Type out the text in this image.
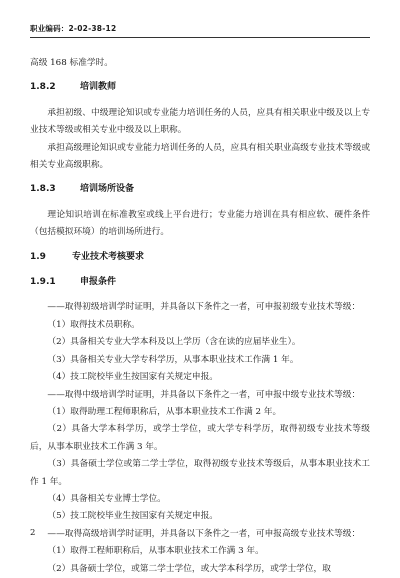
职业编码：2-02-38-12

高级 168 标准学时。

1.8.2	培训教师

承担初级、中级理论知识或专业能力培训任务的人员，应具有相关职业中级及以上专业技术等级或相关专业中级及以上职称。

承担高级理论知识或专业能力培训任务的人员，应具有相关职业高级专业技术等级或相关专业高级职称。

1.8.3	培训场所设备

理论知识培训在标准教室或线上平台进行；专业能力培训在具有相应软、硬件条件（包括模拟环境）的培训场所进行。

1.9	专业技术考核要求
1.9.1	申报条件

——取得初级培训学时证明，并具备以下条件之一者，可申报初级专业技术等级：

（1）取得技术员职称。

（2）具备相关专业大学本科及以上学历（含在读的应届毕业生）。

（3）具备相关专业大学专科学历，从事本职业技术工作满 1 年。

（4）技工院校毕业生按国家有关规定申报。

——取得中级培训学时证明，并具备以下条件之一者，可申报中级专业技术等级：

（1）取得助理工程师职称后，从事本职业技术工作满 2 年。

（2）具备大学本科学历，或学士学位，或大学专科学历，取得初级专业技术等级后，从事本职业技术工作满 3 年。

（3）具备硕士学位或第二学士学位，取得初级专业技术等级后，从事本职业技术工作 1 年。

（4）具备相关专业博士学位。

（5）技工院校毕业生按国家有关规定申报。

——取得高级培训学时证明，并具备以下条件之一者，可申报高级专业技术等级：

（1）取得工程师职称后，从事本职业技术工作满 3 年。

（2）具备硕士学位，或第二学士学位，或大学本科学历，或学士学位，取

2
